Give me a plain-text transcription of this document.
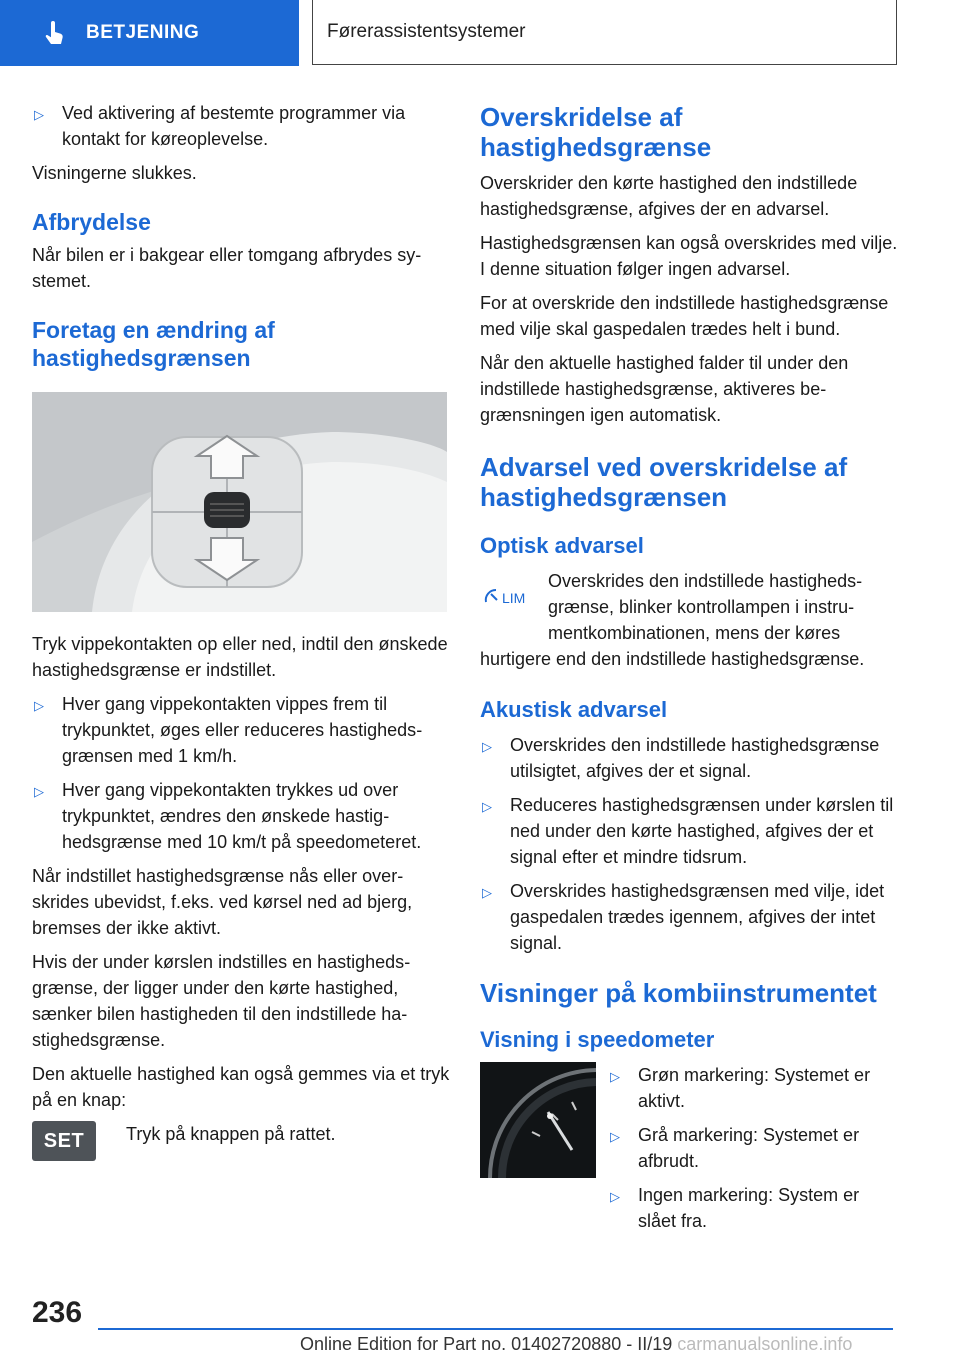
BETJENING	Førerassistentsystemer
▷	Ved aktivering af bestemte programmer via kontakt for køreoplevelse.

Visningerne slukkes.

Afbrydelse

Når bilen er i bakgear eller tomgang afbrydes systemet.

Foretag en ændring af hastighedsgrænsen

Tryk vippekontakten op eller ned, indtil den ønskede hastighedsgrænse er indstillet.

▷	Hver gang vippekontakten vippes frem til trykpunktet, øges eller reduceres hastighedsgrænsen med 1 km/h.
▷	Hver gang vippekontakten trykkes ud over trykpunktet, ændres den ønskede hastighedsgrænse med 10 km/t på speedometeret.

Når indstillet hastighedsgrænse nås eller overskrides ubevidst, f.eks. ved kørsel ned ad bjerg, bremses der ikke aktivt.

Hvis der under kørslen indstilles en hastighedsgrænse, der ligger under den kørte hastighed, sænker bilen hastigheden til den indstillede hastighedsgrænse.

Den aktuelle hastighed kan også gemmes via et tryk på en knap:

SET	Tryk på knappen på rattet.
Overskridelse af hastighedsgrænse

Overskrider den kørte hastighed den indstillede hastighedsgrænse, afgives der en advarsel.

Hastighedsgrænsen kan også overskrides med vilje. I denne situation følger ingen advarsel.

For at overskride den indstillede hastighedsgrænse med vilje skal gaspedalen trædes helt i bund.

Når den aktuelle hastighed falder til under den indstillede hastighedsgrænse, aktiveres begrænsningen igen automatisk.

Advarsel ved overskridelse af hastighedsgrænsen
Optisk advarsel
LIM
Overskrides den indstillede hastighedsgrænse, blinker kontrollampen i instrumentkombinationen, mens der køres

hurtigere end den indstillede hastighedsgrænse.

Akustisk advarsel
▷	Overskrides den indstillede hastighedsgrænse utilsigtet, afgives der et signal.
▷	Reduceres hastighedsgrænsen under kørslen til ned under den kørte hastighed, afgives der et signal efter et mindre tidsrum.
▷	Overskrides hastighedsgrænsen med vilje, idet gaspedalen trædes igennem, afgives der intet signal.
Visninger på kombiinstrumentet
Visning i speedometer
▷	Grøn markering: Systemet er aktivt.
▷	Grå markering: Systemet er afbrudt.
▷	Ingen markering: System er slået fra.
236
Online Edition for Part no. 01402720880 - II/19 carmanualsonline.info
